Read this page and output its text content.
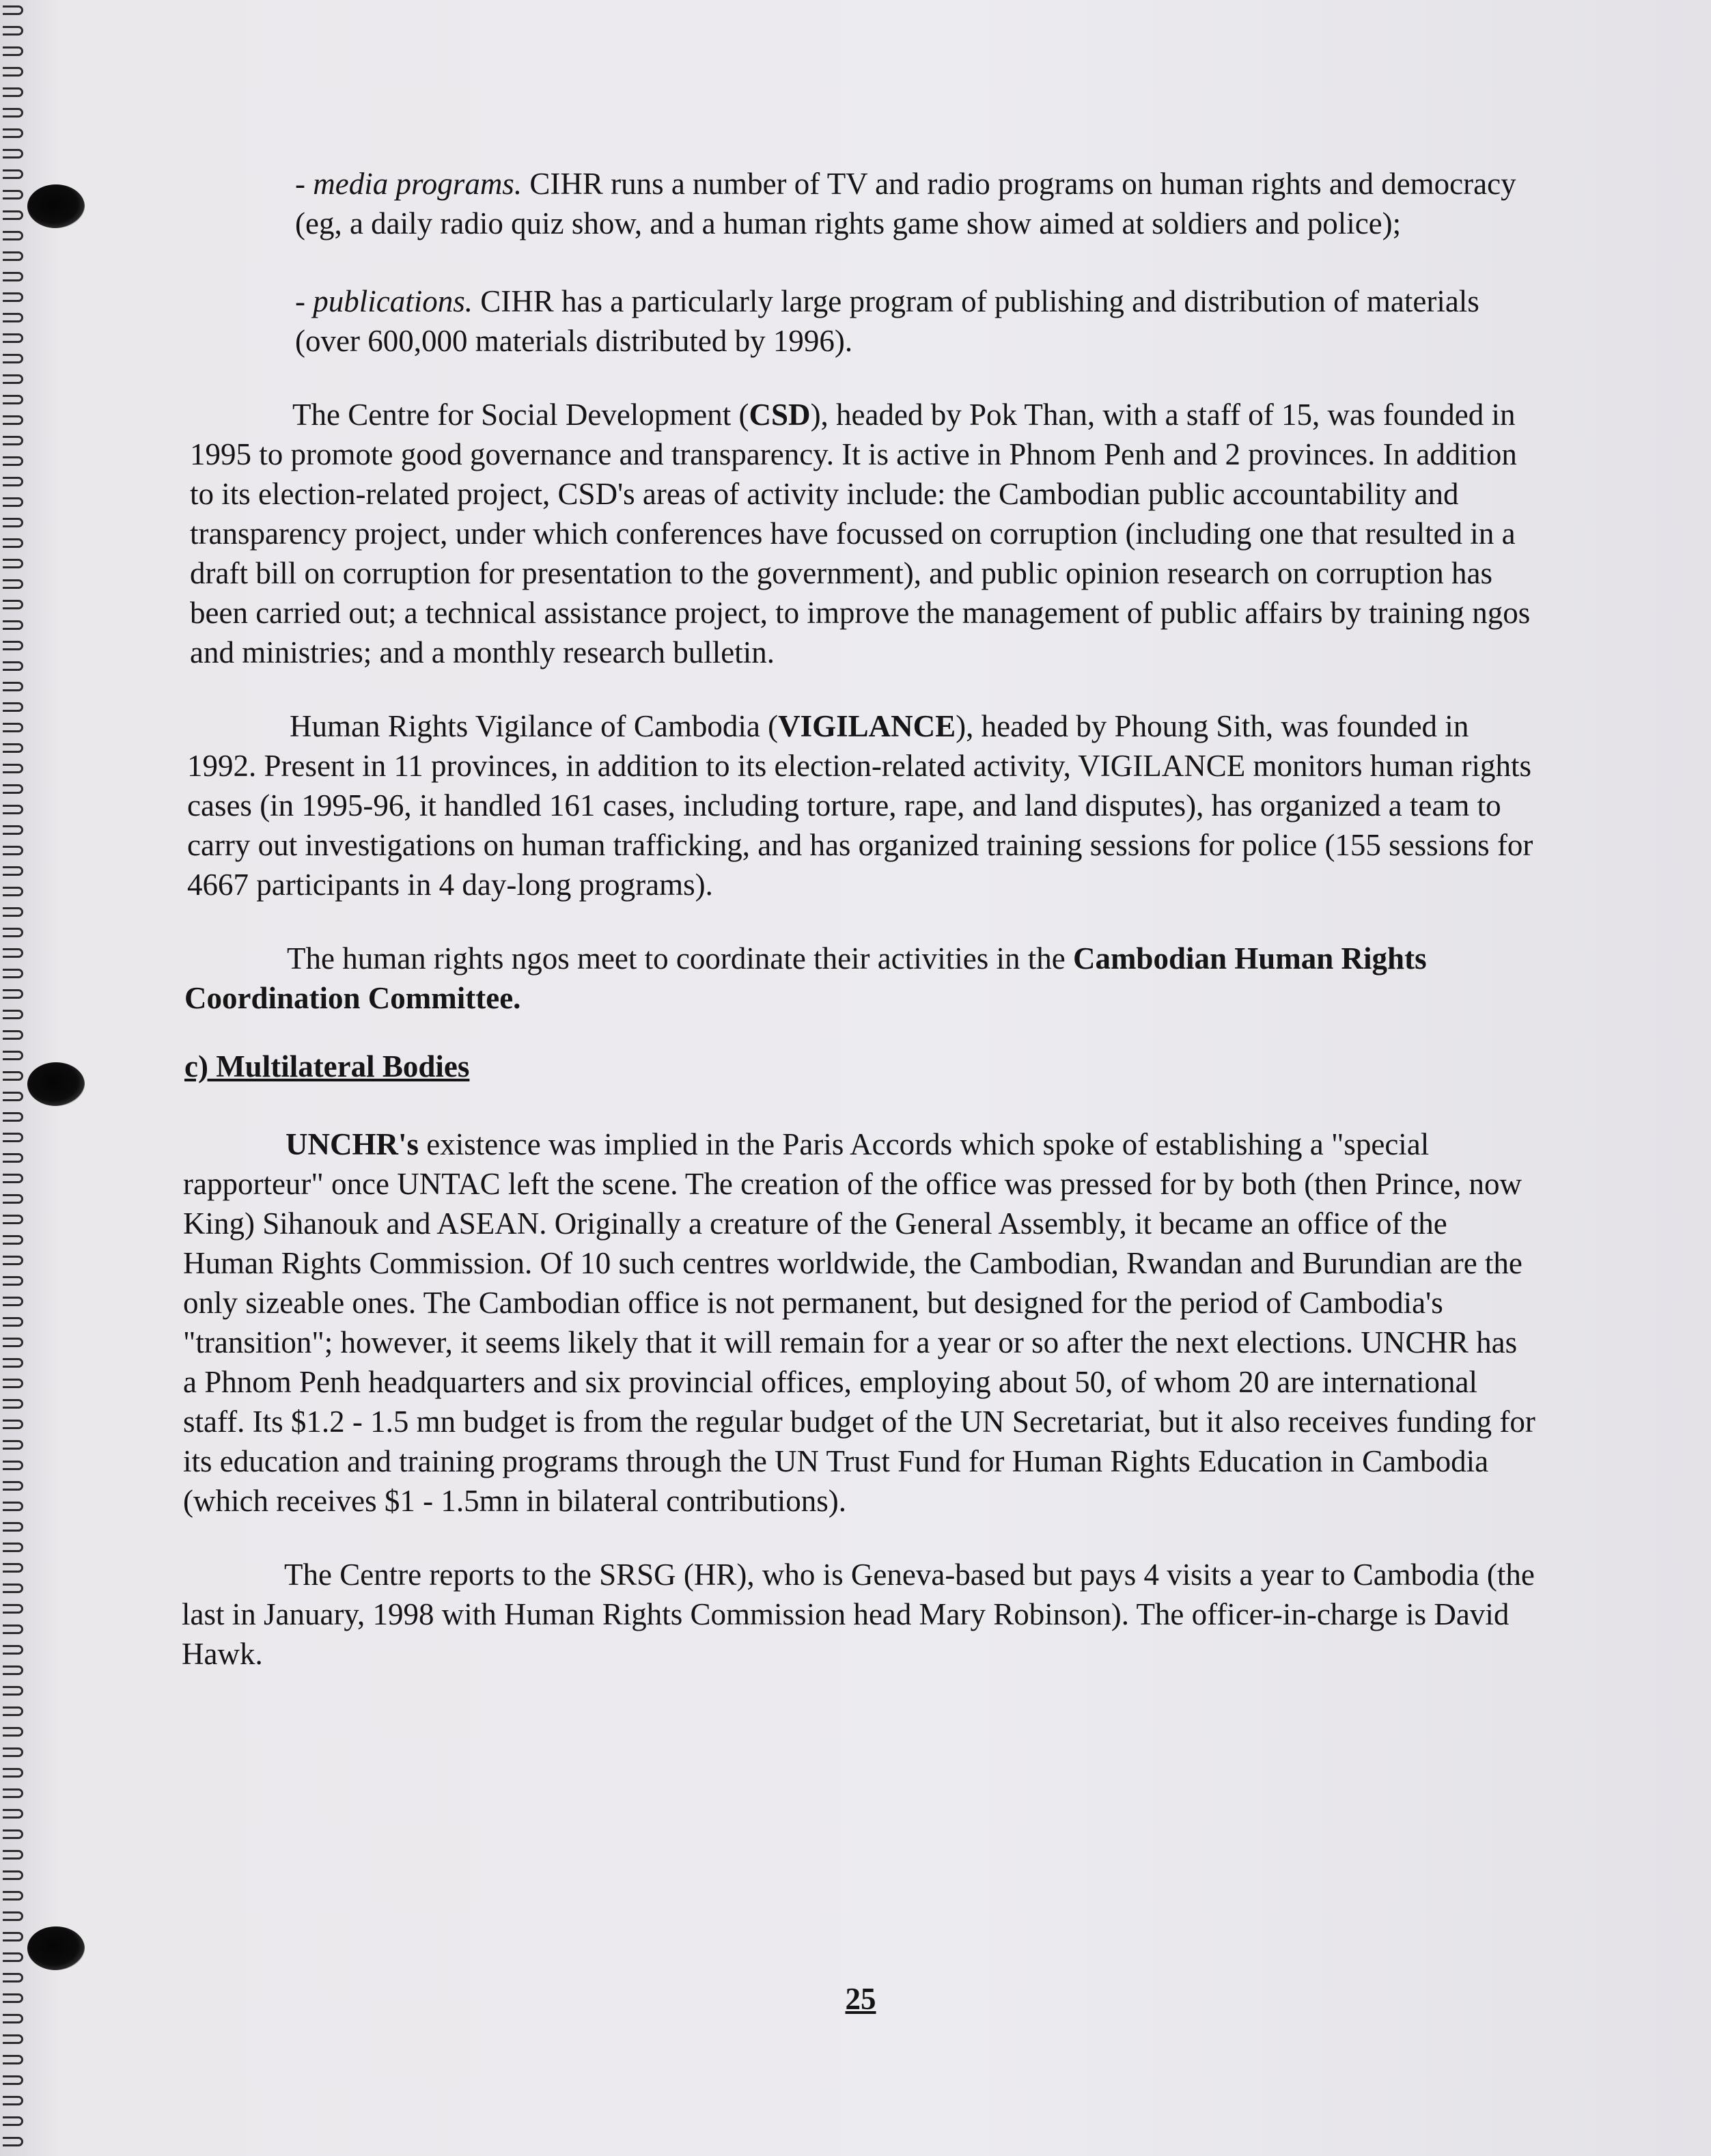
- media programs. CIHR runs a number of TV and radio programs on human rights and democracy (eg, a daily radio quiz show, and a human rights game show aimed at soldiers and police);

- publications. CIHR has a particularly large program of publishing and distribution of materials (over 600,000 materials distributed by 1996).

The Centre for Social Development (CSD), headed by Pok Than, with a staff of 15, was founded in 1995 to promote good governance and transparency. It is active in Phnom Penh and 2 provinces. In addition to its election-related project, CSD's areas of activity include: the Cambodian public accountability and transparency project, under which conferences have focussed on corruption (including one that resulted in a draft bill on corruption for presentation to the government), and public opinion research on corruption has been carried out; a technical assistance project, to improve the management of public affairs by training ngos and ministries; and a monthly research bulletin.

Human Rights Vigilance of Cambodia (VIGILANCE), headed by Phoung Sith, was founded in 1992. Present in 11 provinces, in addition to its election-related activity, VIGILANCE monitors human rights cases (in 1995-96, it handled 161 cases, including torture, rape, and land disputes), has organized a team to carry out investigations on human trafficking, and has organized training sessions for police (155 sessions for 4667 participants in 4 day-long programs).

The human rights ngos meet to coordinate their activities in the Cambodian Human Rights Coordination Committee.

c) Multilateral Bodies

UNCHR's existence was implied in the Paris Accords which spoke of establishing a "special rapporteur" once UNTAC left the scene. The creation of the office was pressed for by both (then Prince, now King) Sihanouk and ASEAN. Originally a creature of the General Assembly, it became an office of the Human Rights Commission. Of 10 such centres worldwide, the Cambodian, Rwandan and Burundian are the only sizeable ones. The Cambodian office is not permanent, but designed for the period of Cambodia's "transition"; however, it seems likely that it will remain for a year or so after the next elections. UNCHR has a Phnom Penh headquarters and six provincial offices, employing about 50, of whom 20 are international staff. Its $1.2 - 1.5 mn budget is from the regular budget of the UN Secretariat, but it also receives funding for its education and training programs through the UN Trust Fund for Human Rights Education in Cambodia (which receives $1 - 1.5mn in bilateral contributions).

The Centre reports to the SRSG (HR), who is Geneva-based but pays 4 visits a year to Cambodia (the last in January, 1998 with Human Rights Commission head Mary Robinson). The officer-in-charge is David Hawk.

25
